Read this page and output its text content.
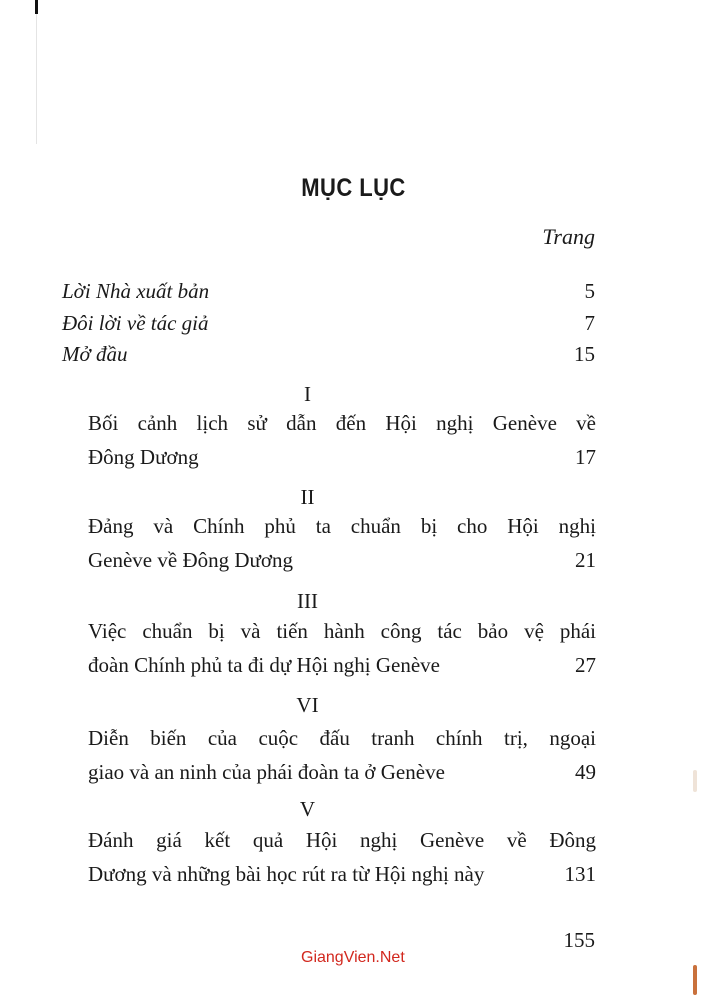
MỤC LỤC
Trang
Lời Nhà xuất bản	5
Đôi lời về tác giả	7
Mở đầu	15
I
Bối cảnh lịch sử dẫn đến Hội nghị Genève về
Đông Dương	17
II
Đảng và Chính phủ ta chuẩn bị cho Hội nghị
Genève về Đông Dương	21
III
Việc chuẩn bị và tiến hành công tác bảo vệ phái
đoàn Chính phủ ta đi dự Hội nghị Genève	27
VI
Diễn biến của cuộc đấu tranh chính trị, ngoại
giao và an ninh của phái đoàn ta ở Genève	49
V
Đánh giá kết quả Hội nghị Genève về Đông
Dương và những bài học rút ra từ Hội nghị này	131
155
GiangVien.Net
